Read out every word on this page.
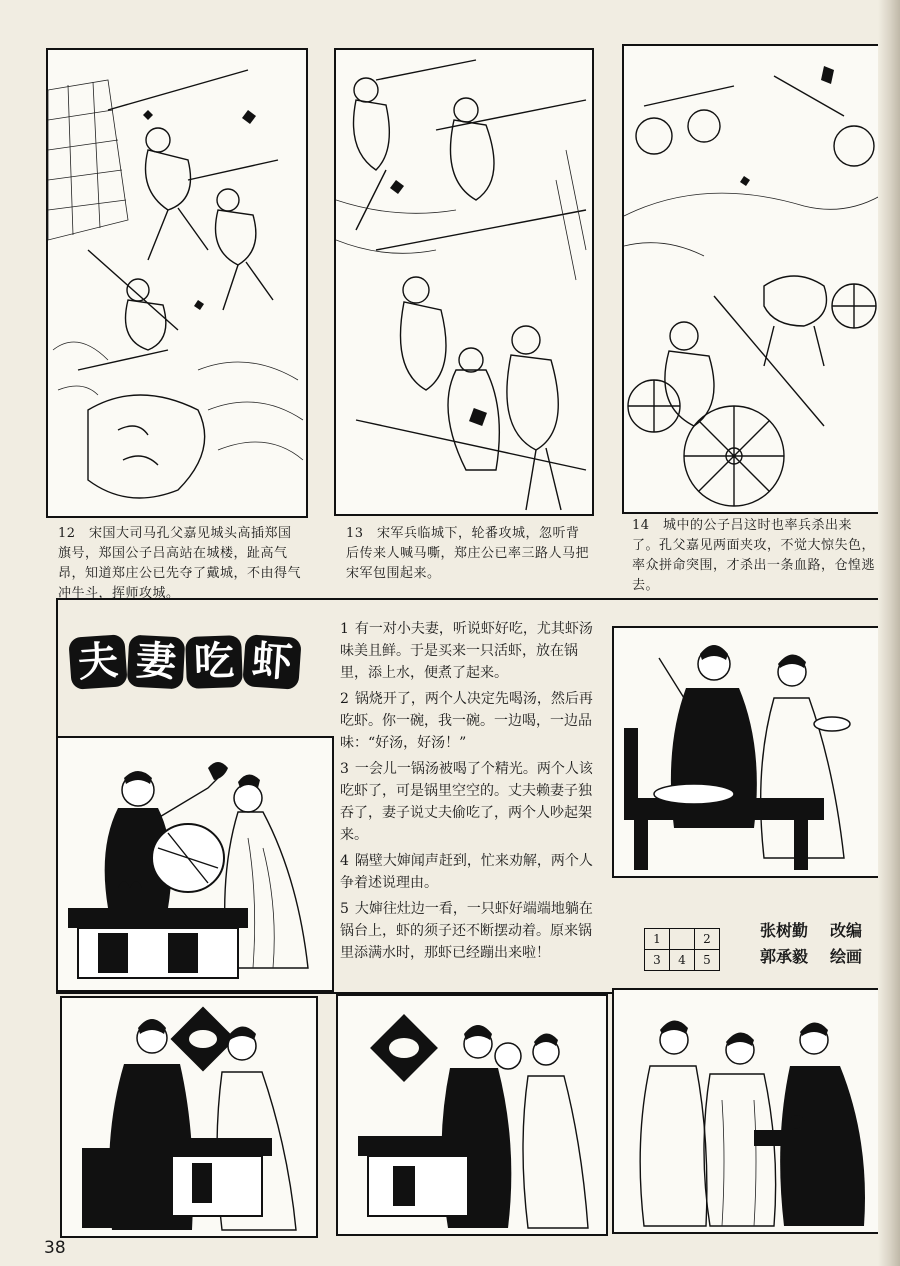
12　宋国大司马孔父嘉见城头高插郑国旗号，郑国公子吕高站在城楼，趾高气昂，知道郑庄公已先夺了戴城，不由得气冲牛斗，挥师攻城。
13　宋军兵临城下，轮番攻城，忽听背后传来人喊马嘶，郑庄公已率三路人马把宋军包围起来。
14　城中的公子吕这时也率兵杀出来了。孔父嘉见两面夹攻，不觉大惊失色，率众拼命突围，才杀出一条血路，仓惶逃去。
夫 妻 吃 虾

1 有一对小夫妻，听说虾好吃，尤其虾汤味美且鲜。于是买来一只活虾，放在锅里，添上水，便煮了起来。

2 锅烧开了，两个人决定先喝汤，然后再吃虾。你一碗，我一碗。一边喝，一边品味：“好汤，好汤！”

3 一会儿一锅汤被喝了个精光。两个人该吃虾了，可是锅里空空的。丈夫赖妻子独吞了，妻子说丈夫偷吃了，两个人吵起架来。

4 隔壁大婶闻声赶到，忙来劝解，两个人争着述说理由。

5 大婶往灶边一看，一只虾好端端地躺在锅台上，虾的须子还不断摆动着。原来锅里添满水时，那虾已经蹦出来啦！

1		2
3	4	5
张树勤 改编
郭承毅 绘画
38
